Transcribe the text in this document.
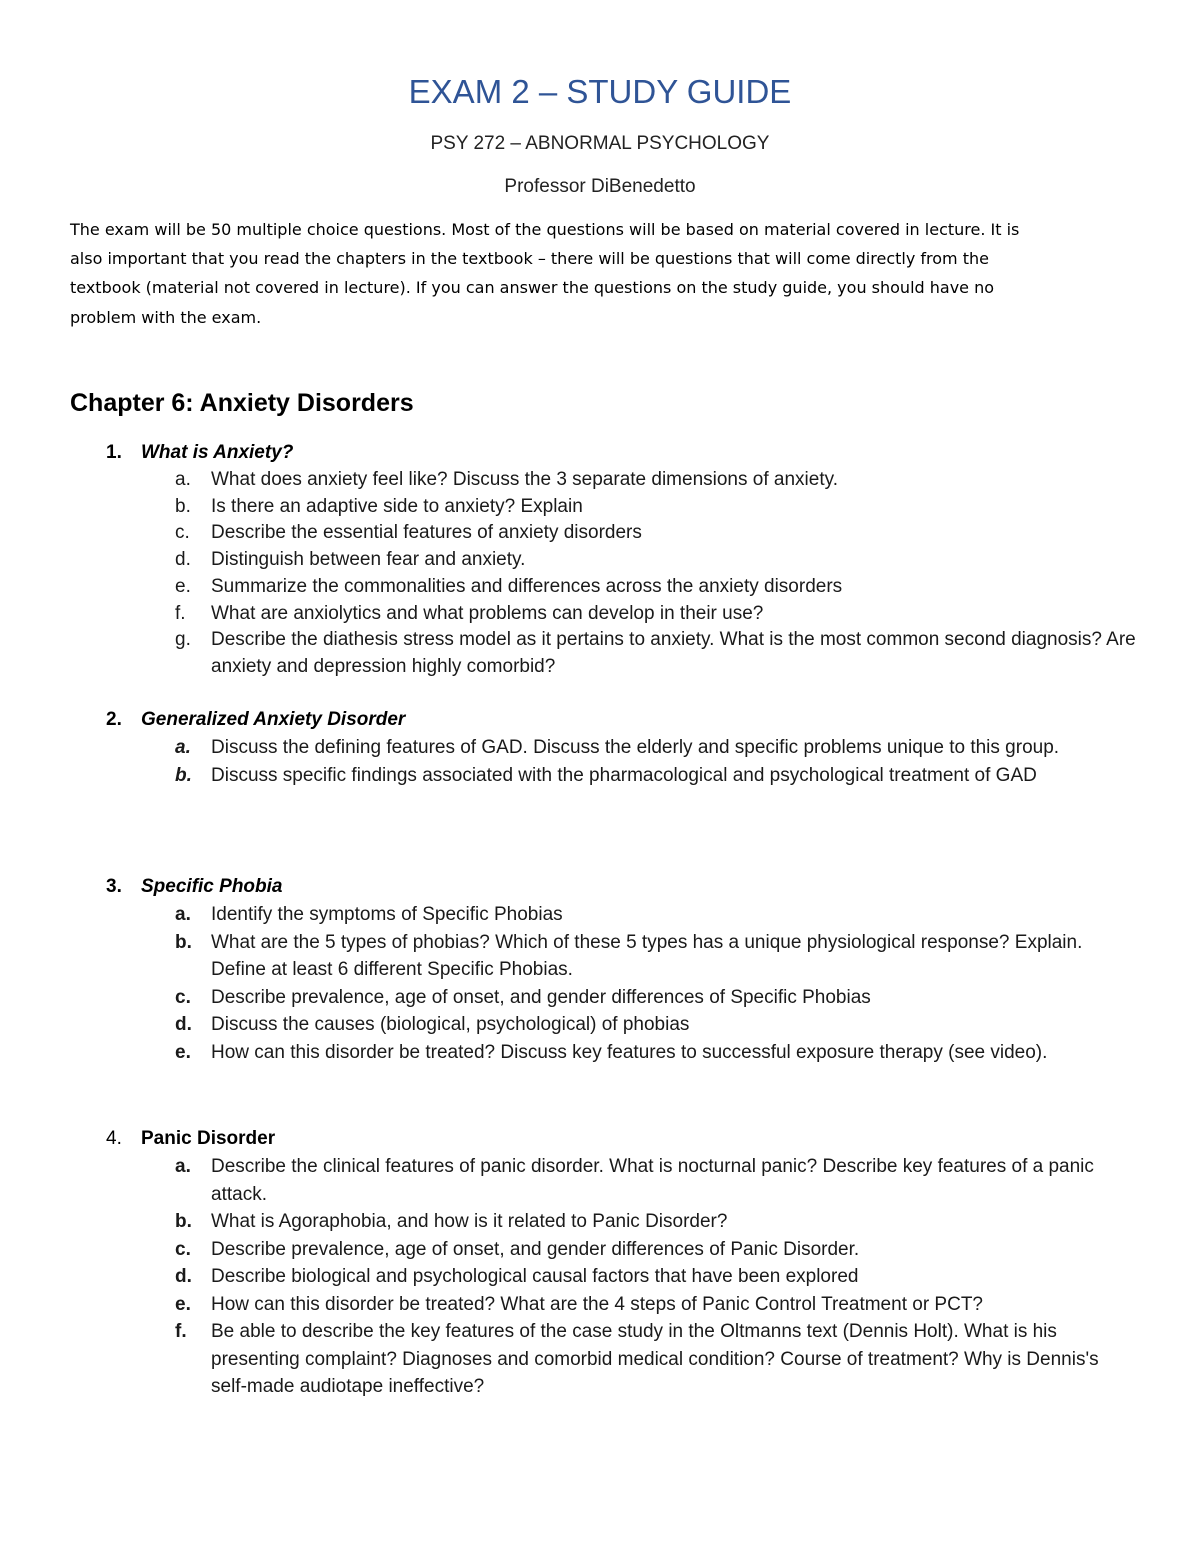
EXAM 2 – STUDY GUIDE
PSY 272 – ABNORMAL PSYCHOLOGY
Professor DiBenedetto
The exam will be 50 multiple choice questions. Most of the questions will be based on material covered in lecture. It is
also important that you read the chapters in the textbook – there will be questions that will come directly from the
textbook (material not covered in lecture). If you can answer the questions on the study guide, you should have no
problem with the exam.
Chapter 6: Anxiety Disorders
1. What is Anxiety?
a. What does anxiety feel like? Discuss the 3 separate dimensions of anxiety.
b. Is there an adaptive side to anxiety? Explain
c. Describe the essential features of anxiety disorders
d. Distinguish between fear and anxiety.
e. Summarize the commonalities and differences across the anxiety disorders
f. What are anxiolytics and what problems can develop in their use?
g. Describe the diathesis stress model as it pertains to anxiety. What is the most common second diagnosis? Are anxiety and depression highly comorbid?
2. Generalized Anxiety Disorder
a. Discuss the defining features of GAD. Discuss the elderly and specific problems unique to this group.
b. Discuss specific findings associated with the pharmacological and psychological treatment of GAD
3. Specific Phobia
a. Identify the symptoms of Specific Phobias
b. What are the 5 types of phobias? Which of these 5 types has a unique physiological response? Explain. Define at least 6 different Specific Phobias.
c. Describe prevalence, age of onset, and gender differences of Specific Phobias
d. Discuss the causes (biological, psychological) of phobias
e. How can this disorder be treated? Discuss key features to successful exposure therapy (see video).
4. Panic Disorder
a. Describe the clinical features of panic disorder. What is nocturnal panic? Describe key features of a panic attack.
b. What is Agoraphobia, and how is it related to Panic Disorder?
c. Describe prevalence, age of onset, and gender differences of Panic Disorder.
d. Describe biological and psychological causal factors that have been explored
e. How can this disorder be treated? What are the 4 steps of Panic Control Treatment or PCT?
f. Be able to describe the key features of the case study in the Oltmanns text (Dennis Holt). What is his presenting complaint? Diagnoses and comorbid medical condition? Course of treatment? Why is Dennis's self-made audiotape ineffective?
